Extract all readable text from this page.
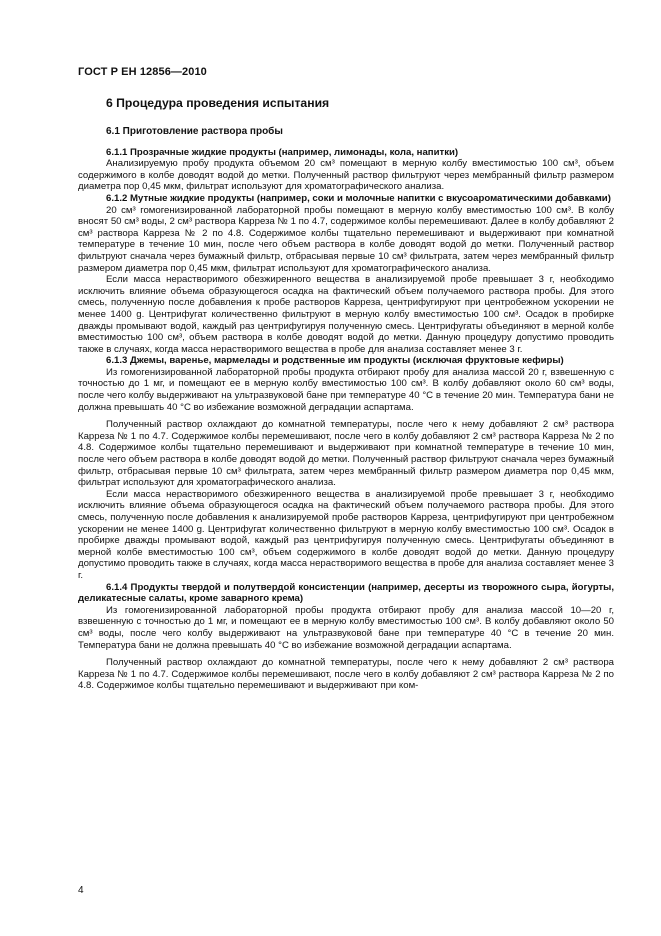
ГОСТ Р ЕН 12856—2010
6 Процедура проведения испытания
6.1 Приготовление раствора пробы
6.1.1 Прозрачные жидкие продукты (например, лимонады, кола, напитки)

Анализируемую пробу продукта объемом 20 см³ помещают в мерную колбу вместимостью 100 см³, объем содержимого в колбе доводят водой до метки. Полученный раствор фильтруют через мембранный фильтр размером диаметра пор 0,45 мкм, фильтрат используют для хроматографического анализа.

6.1.2 Мутные жидкие продукты (например, соки и молочные напитки с вкусоароматическими добавками)

20 см³ гомогенизированной лабораторной пробы помещают в мерную колбу вместимостью 100 см³. В колбу вносят 50 см³ воды, 2 см³ раствора Карреза № 1 по 4.7, содержимое колбы перемешивают. Далее в колбу добавляют 2 см³ раствора Карреза № 2 по 4.8. Содержимое колбы тщательно перемешивают и выдерживают при комнатной температуре в течение 10 мин, после чего объем раствора в колбе доводят водой до метки. Полученный раствор фильтруют сначала через бумажный фильтр, отбрасывая первые 10 см³ фильтрата, затем через мембранный фильтр размером диаметра пор 0,45 мкм, фильтрат используют для хроматографического анализа.

Если масса нерастворимого обезжиренного вещества в анализируемой пробе превышает 3 г, необходимо исключить влияние объема образующегося осадка на фактический объем получаемого раствора пробы. Для этого смесь, полученную после добавления к пробе растворов Карреза, центрифугируют при центробежном ускорении не менее 1400 g. Центрифугат количественно фильтруют в мерную колбу вместимостью 100 см³. Осадок в пробирке дважды промывают водой, каждый раз центрифугируя полученную смесь. Центрифугаты объединяют в мерной колбе вместимостью 100 см³, объем раствора в колбе доводят водой до метки. Данную процедуру допустимо проводить также в случаях, когда масса нерастворимого вещества в пробе для анализа составляет менее 3 г.

6.1.3 Джемы, варенье, мармелады и родственные им продукты (исключая фруктовые кефиры)

Из гомогенизированной лабораторной пробы продукта отбирают пробу для анализа массой 20 г, взвешенную с точностью до 1 мг, и помещают ее в мерную колбу вместимостью 100 см³. В колбу добавляют около 60 см³ воды, после чего колбу выдерживают на ультразвуковой бане при температуре 40 °С в течение 20 мин. Температура бани не должна превышать 40 °С во избежание возможной деградации аспартама.

Полученный раствор охлаждают до комнатной температуры, после чего к нему добавляют 2 см³ раствора Карреза № 1 по 4.7. Содержимое колбы перемешивают, после чего в колбу добавляют 2 см³ раствора Карреза № 2 по 4.8. Содержимое колбы тщательно перемешивают и выдерживают при комнатной температуре в течение 10 мин, после чего объем раствора в колбе доводят водой до метки. Полученный раствор фильтруют сначала через бумажный фильтр, отбрасывая первые 10 см³ фильтрата, затем через мембранный фильтр размером диаметра пор 0,45 мкм, фильтрат используют для хроматографического анализа.

Если масса нерастворимого обезжиренного вещества в анализируемой пробе превышает 3 г, необходимо исключить влияние объема образующегося осадка на фактический объем получаемого раствора пробы. Для этого смесь, полученную после добавления к анализируемой пробе растворов Карреза, центрифугируют при центробежном ускорении не менее 1400 g. Центрифугат количественно фильтруют в мерную колбу вместимостью 100 см³. Осадок в пробирке дважды промывают водой, каждый раз центрифугируя полученную смесь. Центрифугаты объединяют в мерной колбе вместимостью 100 см³, объем содержимого в колбе доводят водой до метки. Данную процедуру допустимо проводить также в случаях, когда масса нерастворимого вещества в пробе для анализа составляет менее 3 г.

6.1.4 Продукты твердой и полутвердой консистенции (например, десерты из творожного сыра, йогурты, деликатесные салаты, кроме заварного крема)

Из гомогенизированной лабораторной пробы продукта отбирают пробу для анализа массой 10—20 г, взвешенную с точностью до 1 мг, и помещают ее в мерную колбу вместимостью 100 см³. В колбу добавляют около 50 см³ воды, после чего колбу выдерживают на ультразвуковой бане при температуре 40 °С в течение 20 мин. Температура бани не должна превышать 40 °С во избежание возможной деградации аспартама.

Полученный раствор охлаждают до комнатной температуры, после чего к нему добавляют 2 см³ раствора Карреза № 1 по 4.7. Содержимое колбы перемешивают, после чего в колбу добавляют 2 см³ раствора Карреза № 2 по 4.8. Содержимое колбы тщательно перемешивают и выдерживают при ком-

4
